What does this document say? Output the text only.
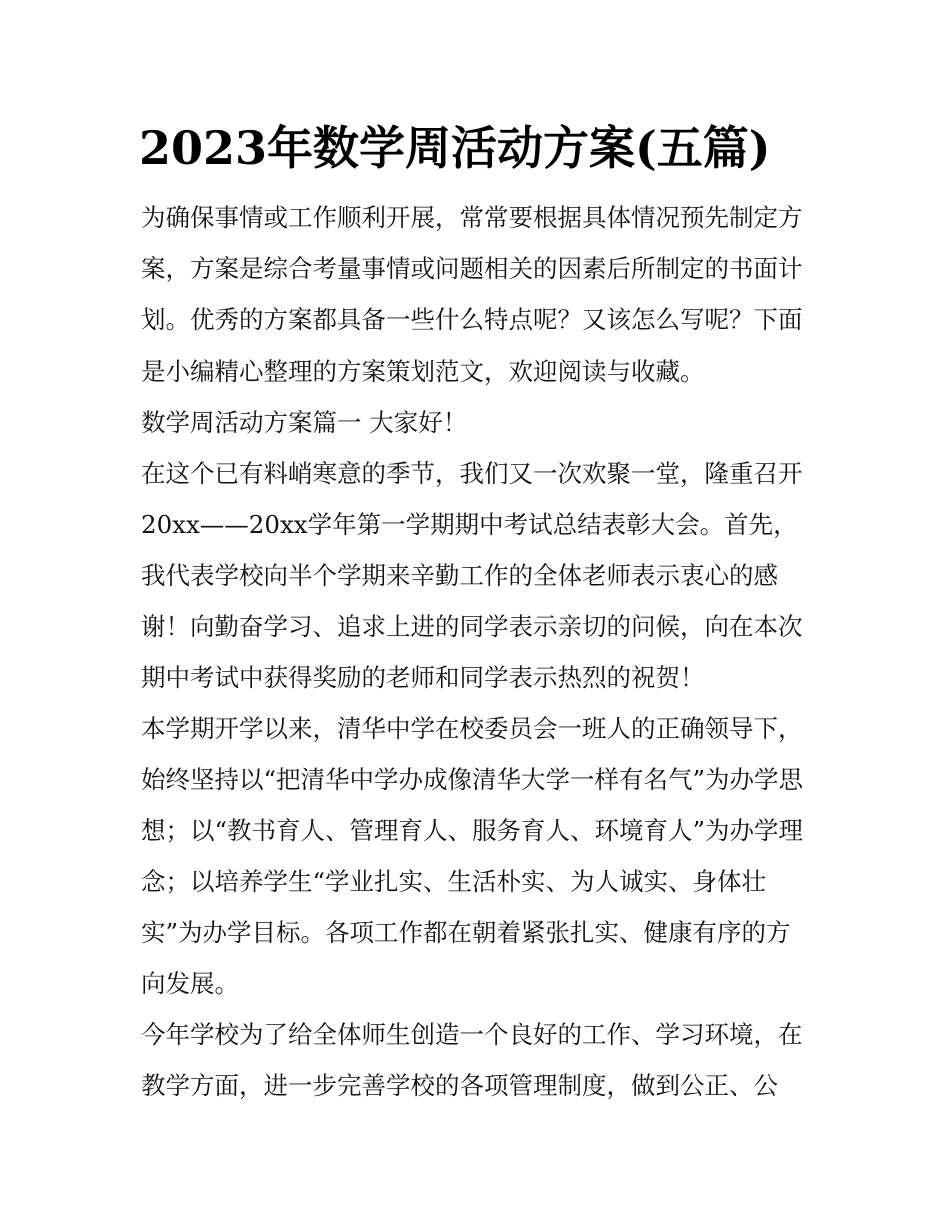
2023年数学周活动方案(五篇)

为确保事情或工作顺利开展，常常要根据具体情况预先制定方

案，方案是综合考量事情或问题相关的因素后所制定的书面计

划。优秀的方案都具备一些什么特点呢？又该怎么写呢？下面

是小编精心整理的方案策划范文，欢迎阅读与收藏。

数学周活动方案篇一 大家好！

在这个已有料峭寒意的季节，我们又一次欢聚一堂，隆重召开

20xx——20xx学年第一学期期中考试总结表彰大会。首先，

我代表学校向半个学期来辛勤工作的全体老师表示衷心的感

谢！向勤奋学习、追求上进的同学表示亲切的问候，向在本次

期中考试中获得奖励的老师和同学表示热烈的祝贺！

本学期开学以来，清华中学在校委员会一班人的正确领导下，

始终坚持以“把清华中学办成像清华大学一样有名气”为办学思

想；以“教书育人、管理育人、服务育人、环境育人”为办学理

念；以培养学生“学业扎实、生活朴实、为人诚实、身体壮

实”为办学目标。各项工作都在朝着紧张扎实、健康有序的方

向发展。

今年学校为了给全体师生创造一个良好的工作、学习环境，在

教学方面，进一步完善学校的各项管理制度，做到公正、公
